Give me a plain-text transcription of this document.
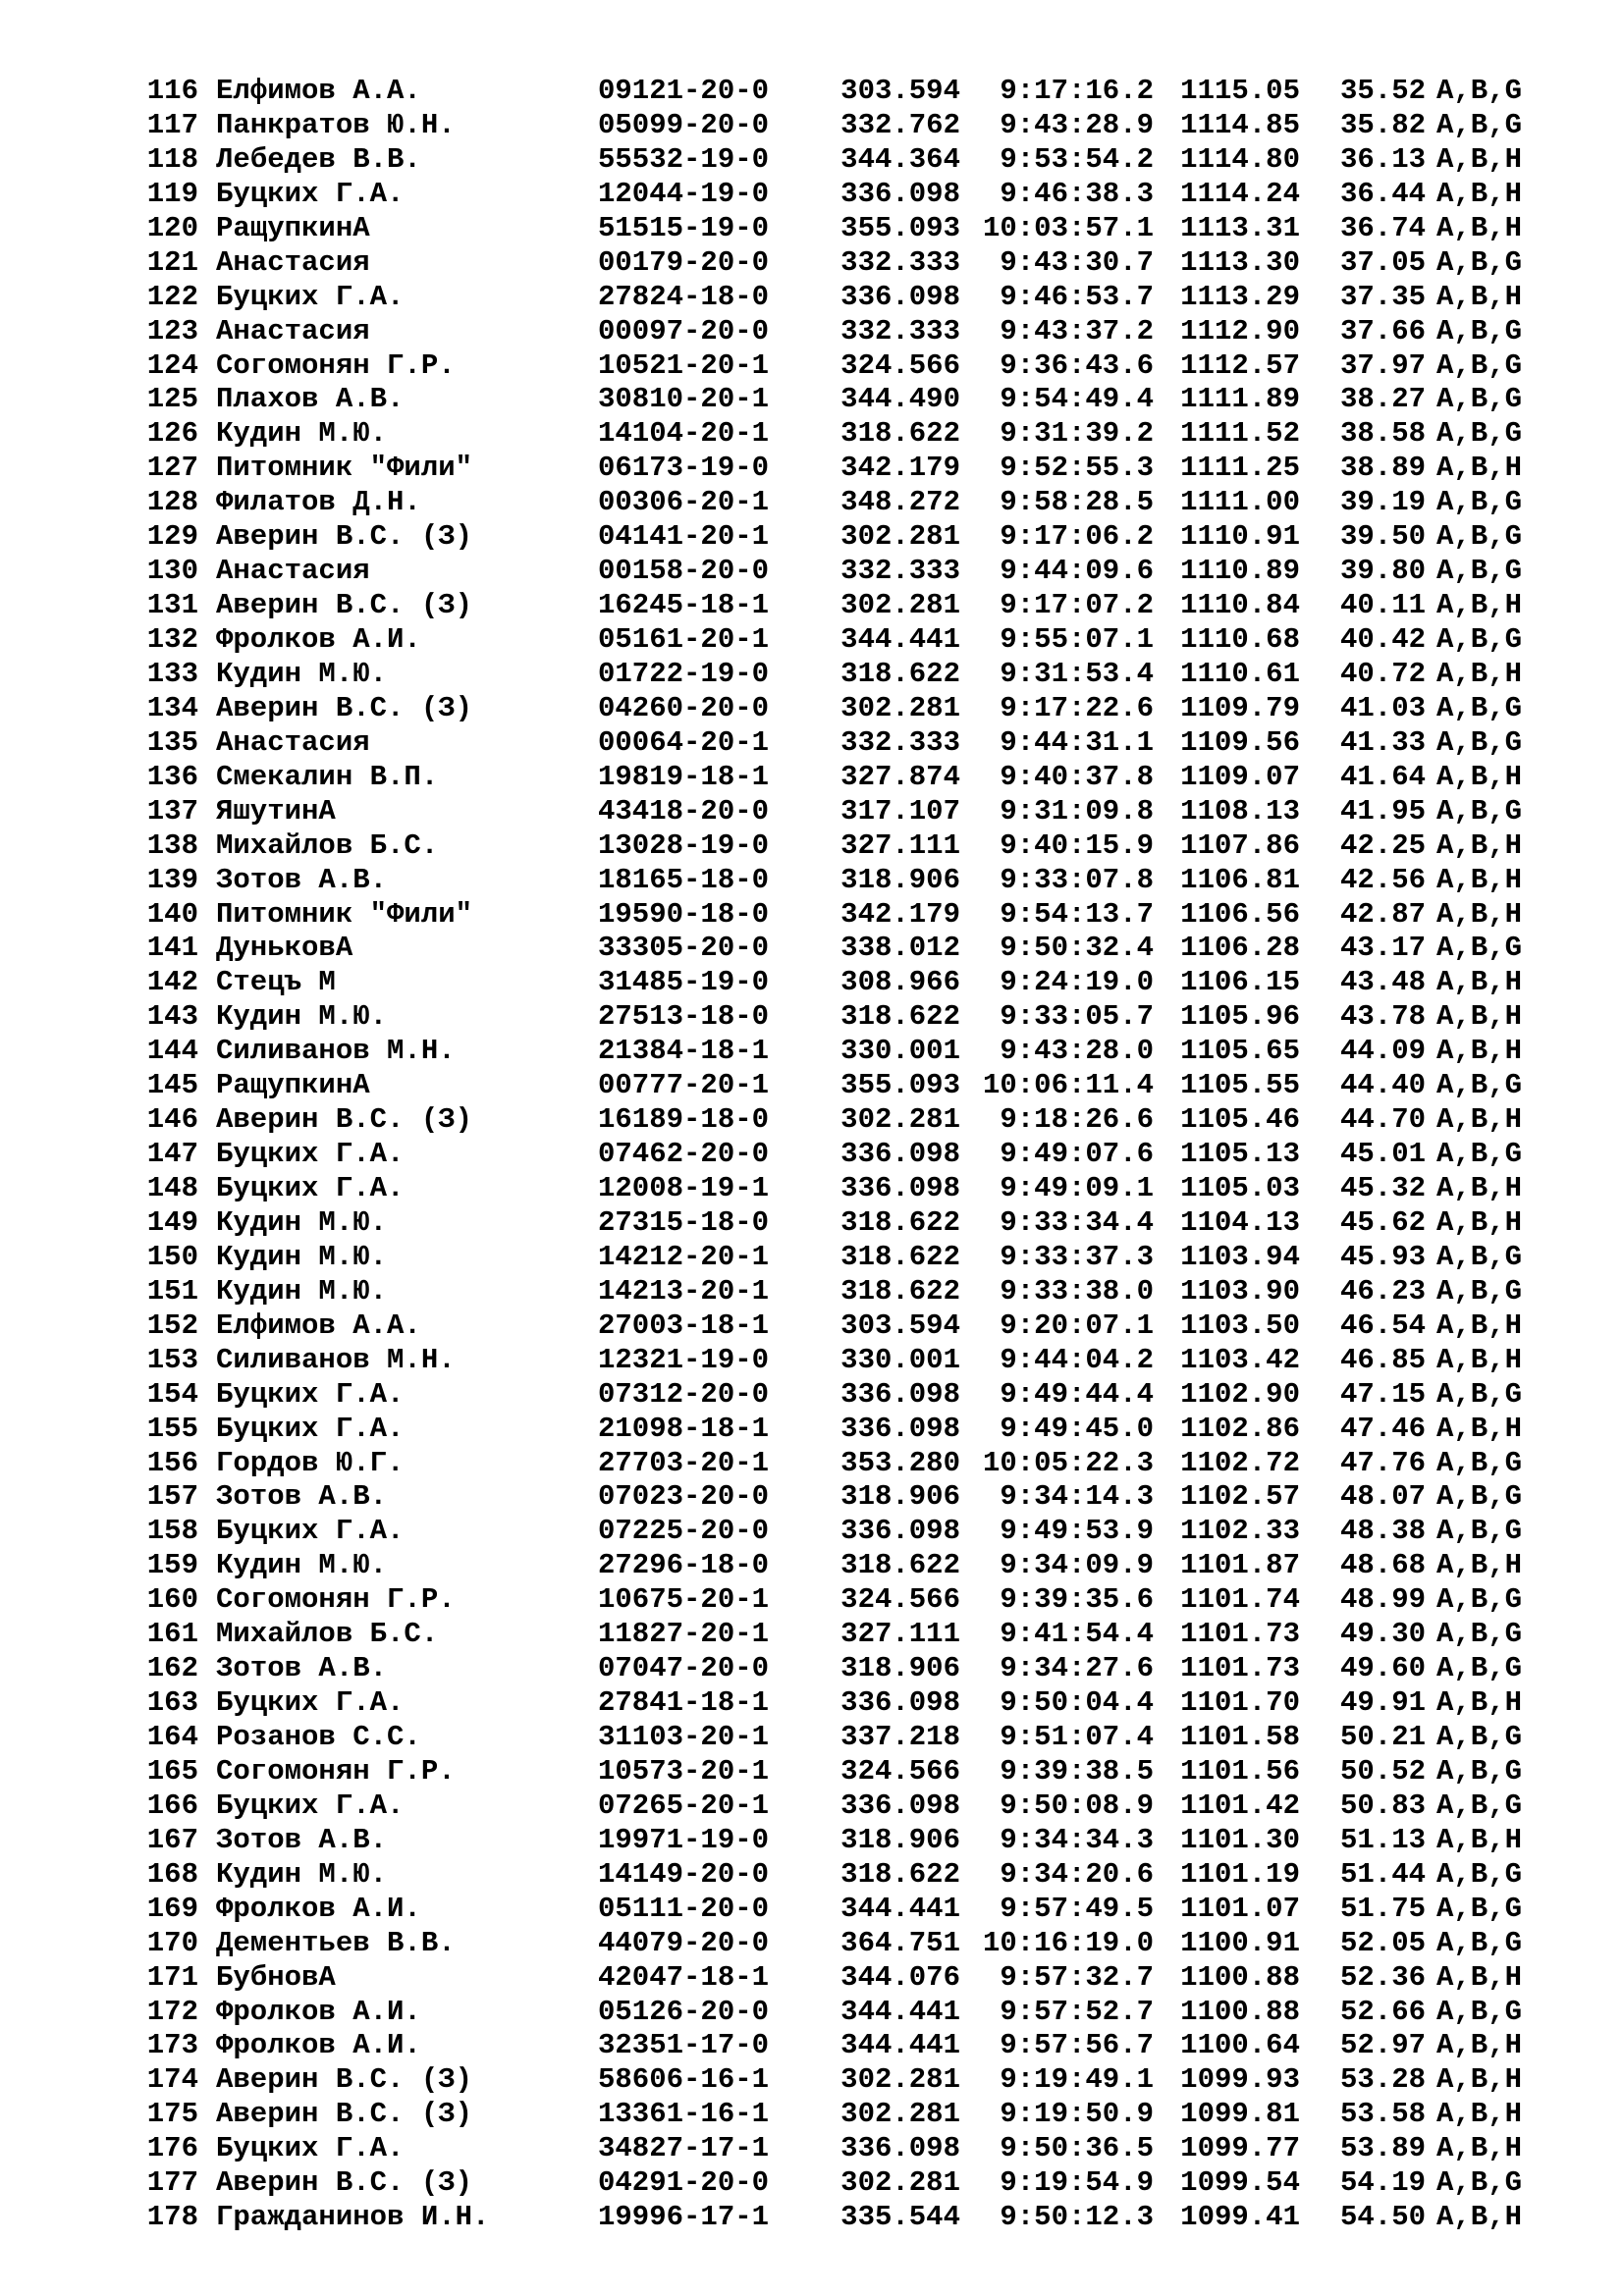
116 Елфимов А.А.	09121-20-0	303.594	9:17:16.2 1115.05 35.52 A,B,G
117 Панкратов Ю.Н.	05099-20-0	332.762	9:43:28.9 1114.85 35.82 A,B,G
118 Лебедев В.В.	55532-19-0	344.364	9:53:54.2 1114.80 36.13 A,B,H
119 Буцких Г.А.	12044-19-0	336.098	9:46:38.3 1114.24 36.44 A,B,H
120 РащупкинА	51515-19-0	355.093 10:03:57.1 1113.31 36.74 A,B,H
121 Анастасия	00179-20-0	332.333	9:43:30.7 1113.30 37.05 A,B,G
122 Буцких Г.А.	27824-18-0	336.098	9:46:53.7 1113.29 37.35 A,B,H
123 Анастасия	00097-20-0	332.333	9:43:37.2 1112.90 37.66 A,B,G
124 Согомонян Г.Р.	10521-20-1	324.566	9:36:43.6 1112.57 37.97 A,B,G
125 Плахов А.В.	30810-20-1	344.490	9:54:49.4 1111.89 38.27 A,B,G
126 Кудин М.Ю.	14104-20-1	318.622	9:31:39.2 1111.52 38.58 A,B,G
127 Питомник "Фили"	06173-19-0	342.179	9:52:55.3 1111.25 38.89 A,B,H
128 Филатов Д.Н.	00306-20-1	348.272	9:58:28.5 1111.00 39.19 A,B,G
129 Аверин В.С. (З)	04141-20-1	302.281	9:17:06.2 1110.91 39.50 A,B,G
130 Анастасия	00158-20-0	332.333	9:44:09.6 1110.89 39.80 A,B,G
131 Аверин В.С. (З)	16245-18-1	302.281	9:17:07.2 1110.84 40.11 A,B,H
132 Фролков А.И.	05161-20-1	344.441	9:55:07.1 1110.68 40.42 A,B,G
133 Кудин М.Ю.	01722-19-0	318.622	9:31:53.4 1110.61 40.72 A,B,H
134 Аверин В.С. (З)	04260-20-0	302.281	9:17:22.6 1109.79 41.03 A,B,G
135 Анастасия	00064-20-1	332.333	9:44:31.1 1109.56 41.33 A,B,G
136 Смекалин В.П.	19819-18-1	327.874	9:40:37.8 1109.07 41.64 A,B,H
137 ЯшутинА	43418-20-0	317.107	9:31:09.8 1108.13 41.95 A,B,G
138 Михайлов Б.С.	13028-19-0	327.111	9:40:15.9 1107.86 42.25 A,B,H
139 Зотов А.В.	18165-18-0	318.906	9:33:07.8 1106.81 42.56 A,B,H
140 Питомник "Фили"	19590-18-0	342.179	9:54:13.7 1106.56 42.87 A,B,H
141 ДуньковА	33305-20-0	338.012	9:50:32.4 1106.28 43.17 A,B,G
142 Стецъ М	31485-19-0	308.966	9:24:19.0 1106.15 43.48 A,B,H
143 Кудин М.Ю.	27513-18-0	318.622	9:33:05.7 1105.96 43.78 A,B,H
144 Силиванов М.Н.	21384-18-1	330.001	9:43:28.0 1105.65 44.09 A,B,H
145 РащупкинА	00777-20-1	355.093 10:06:11.4 1105.55 44.40 A,B,G
146 Аверин В.С. (З)	16189-18-0	302.281	9:18:26.6 1105.46 44.70 A,B,H
147 Буцких Г.А.	07462-20-0	336.098	9:49:07.6 1105.13 45.01 A,B,G
148 Буцких Г.А.	12008-19-1	336.098	9:49:09.1 1105.03 45.32 A,B,H
149 Кудин М.Ю.	27315-18-0	318.622	9:33:34.4 1104.13 45.62 A,B,H
150 Кудин М.Ю.	14212-20-1	318.622	9:33:37.3 1103.94 45.93 A,B,G
151 Кудин М.Ю.	14213-20-1	318.622	9:33:38.0 1103.90 46.23 A,B,G
152 Елфимов А.А.	27003-18-1	303.594	9:20:07.1 1103.50 46.54 A,B,H
153 Силиванов М.Н.	12321-19-0	330.001	9:44:04.2 1103.42 46.85 A,B,H
154 Буцких Г.А.	07312-20-0	336.098	9:49:44.4 1102.90 47.15 A,B,G
155 Буцких Г.А.	21098-18-1	336.098	9:49:45.0 1102.86 47.46 A,B,H
156 Гордов Ю.Г.	27703-20-1	353.280 10:05:22.3 1102.72 47.76 A,B,G
157 Зотов А.В.	07023-20-0	318.906	9:34:14.3 1102.57 48.07 A,B,G
158 Буцких Г.А.	07225-20-0	336.098	9:49:53.9 1102.33 48.38 A,B,G
159 Кудин М.Ю.	27296-18-0	318.622	9:34:09.9 1101.87 48.68 A,B,H
160 Согомонян Г.Р.	10675-20-1	324.566	9:39:35.6 1101.74 48.99 A,B,G
161 Михайлов Б.С.	11827-20-1	327.111	9:41:54.4 1101.73 49.30 A,B,G
162 Зотов А.В.	07047-20-0	318.906	9:34:27.6 1101.73 49.60 A,B,G
163 Буцких Г.А.	27841-18-1	336.098	9:50:04.4 1101.70 49.91 A,B,H
164 Розанов С.С.	31103-20-1	337.218	9:51:07.4 1101.58 50.21 A,B,G
165 Согомонян Г.Р.	10573-20-1	324.566	9:39:38.5 1101.56 50.52 A,B,G
166 Буцких Г.А.	07265-20-1	336.098	9:50:08.9 1101.42 50.83 A,B,G
167 Зотов А.В.	19971-19-0	318.906	9:34:34.3 1101.30 51.13 A,B,H
168 Кудин М.Ю.	14149-20-0	318.622	9:34:20.6 1101.19 51.44 A,B,G
169 Фролков А.И.	05111-20-0	344.441	9:57:49.5 1101.07 51.75 A,B,G
170 Дементьев В.В.	44079-20-0	364.751 10:16:19.0 1100.91 52.05 A,B,G
171 БубновА	42047-18-1	344.076	9:57:32.7 1100.88 52.36 A,B,H
172 Фролков А.И.	05126-20-0	344.441	9:57:52.7 1100.88 52.66 A,B,G
173 Фролков А.И.	32351-17-0	344.441	9:57:56.7 1100.64 52.97 A,B,H
174 Аверин В.С. (З)	58606-16-1	302.281	9:19:49.1 1099.93 53.28 A,B,H
175 Аверин В.С. (З)	13361-16-1	302.281	9:19:50.9 1099.81 53.58 A,B,H
176 Буцких Г.А.	34827-17-1	336.098	9:50:36.5 1099.77 53.89 A,B,H
177 Аверин В.С. (З)	04291-20-0	302.281	9:19:54.9 1099.54 54.19 A,B,G
178 Гражданинов И.Н.	19996-17-1	335.544	9:50:12.3 1099.41 54.50 A,B,H
